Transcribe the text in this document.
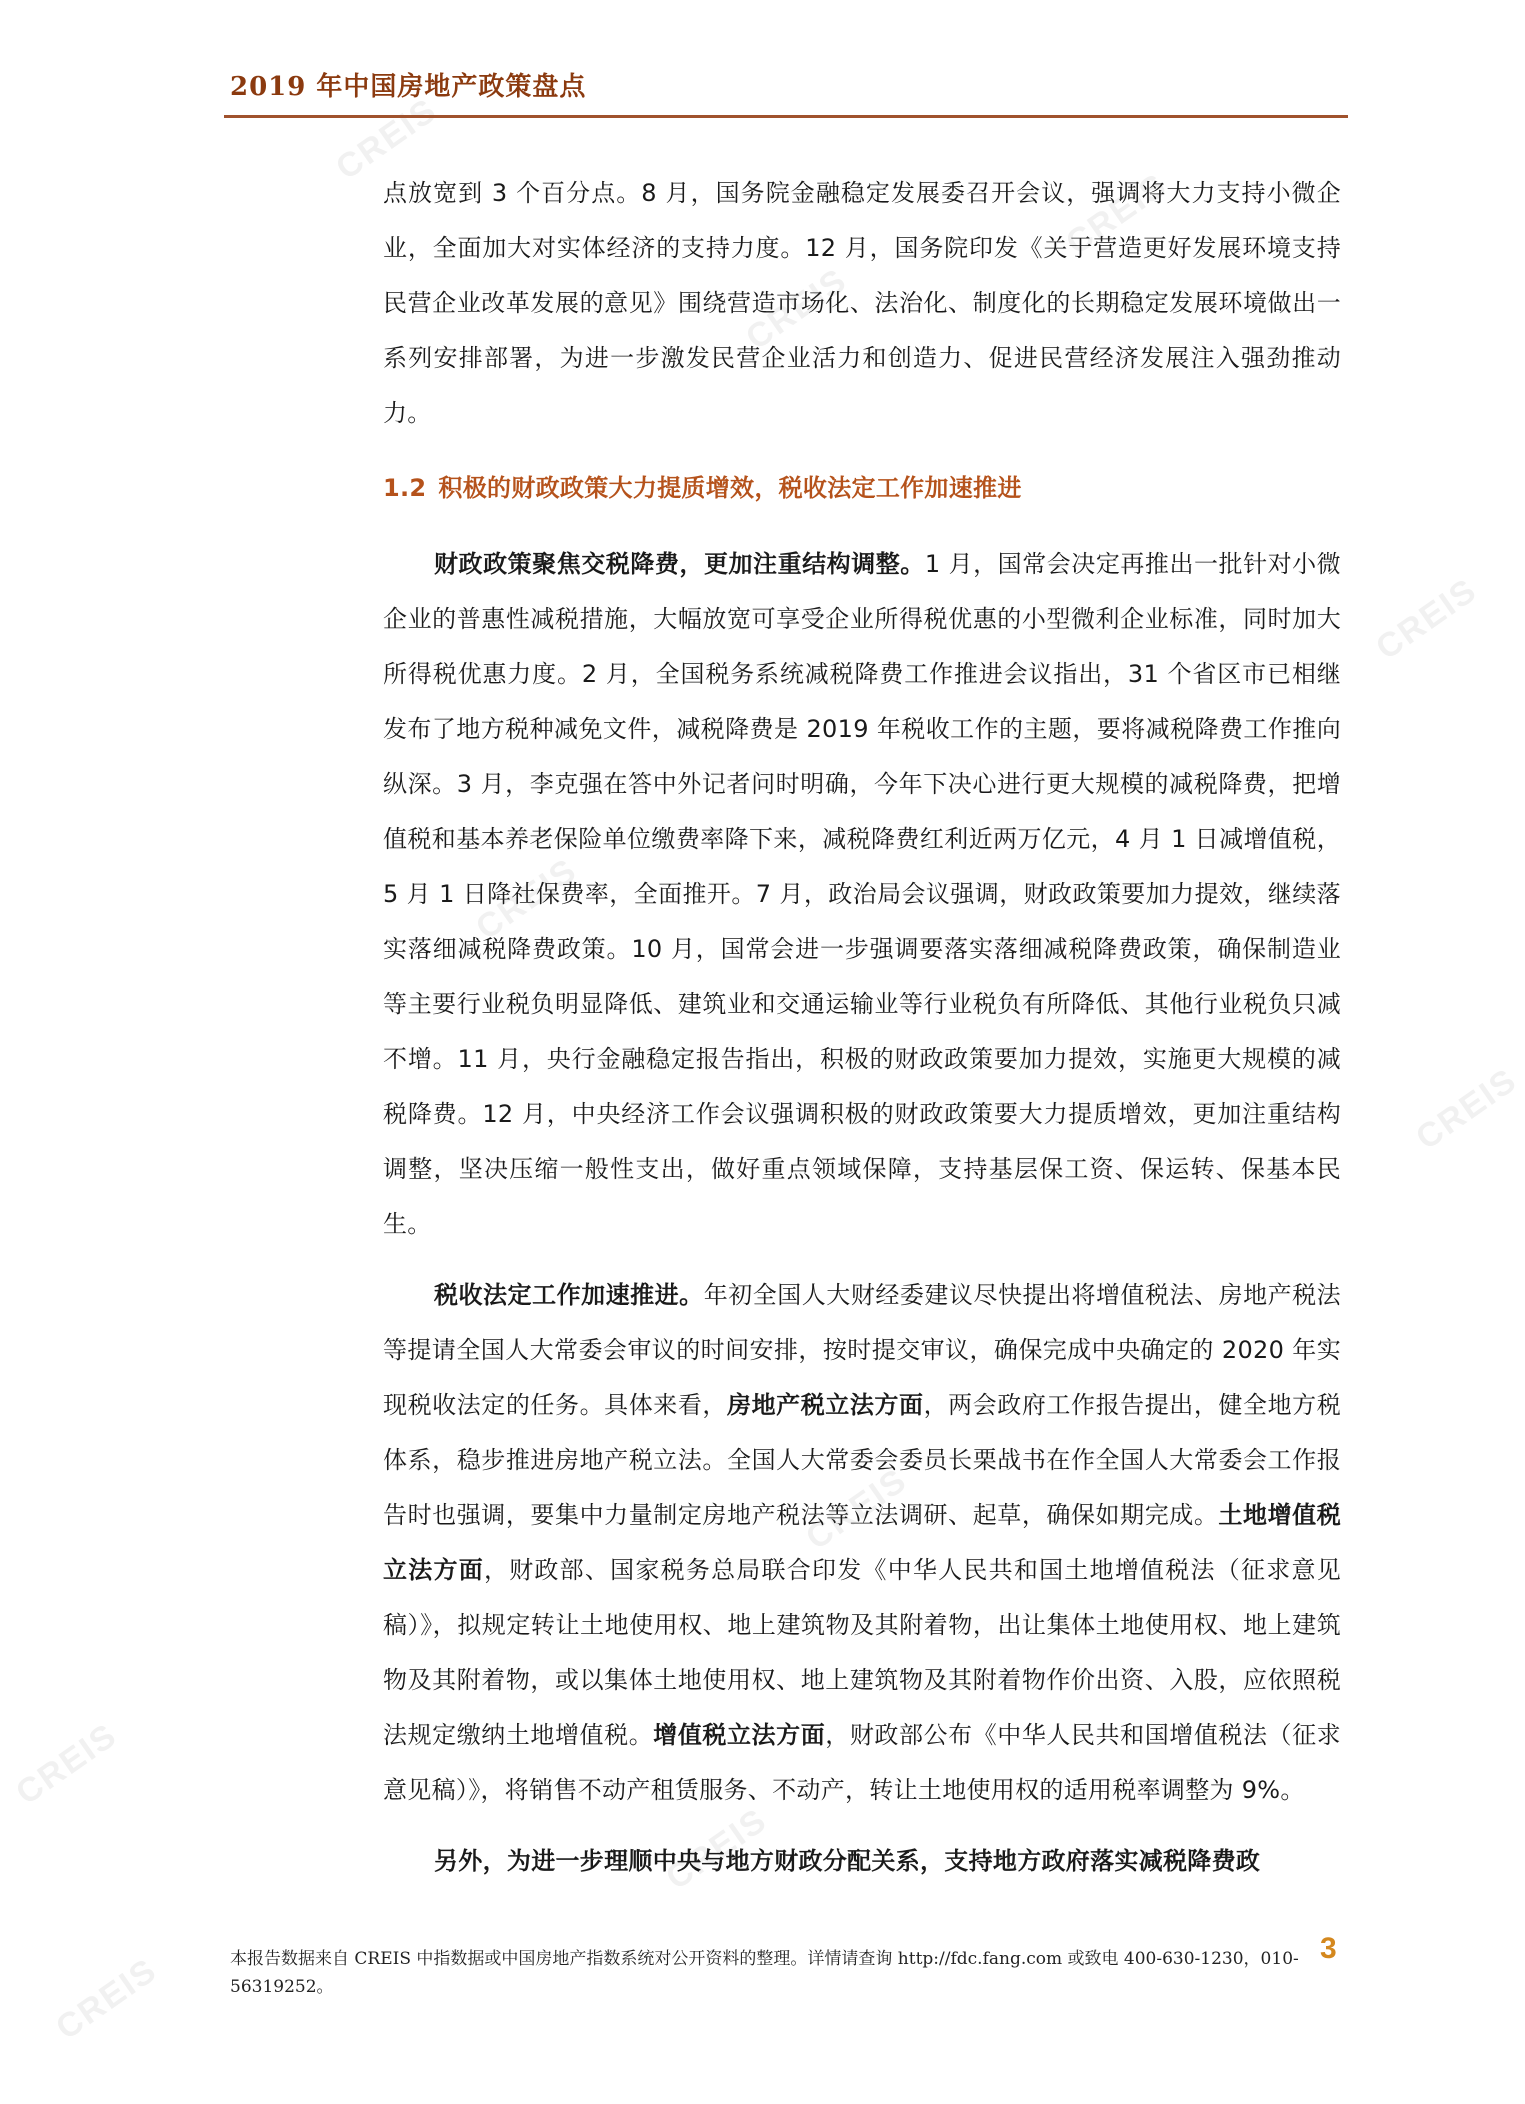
CREIS
CREIS
CREIS
CREIS
CREIS
CREIS
CREIS
CREIS
CREIS
CREIS
2019 年中国房地产政策盘点

点放宽到 3 个百分点。8 月，国务院金融稳定发展委召开会议，强调将大力支持小微企业，全面加大对实体经济的支持力度。12 月，国务院印发《关于营造更好发展环境支持民营企业改革发展的意见》围绕营造市场化、法治化、制度化的长期稳定发展环境做出一系列安排部署，为进一步激发民营企业活力和创造力、促进民营经济发展注入强劲推动力。

1.2 积极的财政政策大力提质增效，税收法定工作加速推进

财政政策聚焦交税降费，更加注重结构调整。1 月，国常会决定再推出一批针对小微企业的普惠性减税措施，大幅放宽可享受企业所得税优惠的小型微利企业标准，同时加大所得税优惠力度。2 月，全国税务系统减税降费工作推进会议指出，31 个省区市已相继发布了地方税种减免文件，减税降费是 2019 年税收工作的主题，要将减税降费工作推向纵深。3 月，李克强在答中外记者问时明确，今年下决心进行更大规模的减税降费，把增值税和基本养老保险单位缴费率降下来，减税降费红利近两万亿元，4 月 1 日减增值税，5 月 1 日降社保费率，全面推开。7 月，政治局会议强调，财政政策要加力提效，继续落实落细减税降费政策。10 月，国常会进一步强调要落实落细减税降费政策，确保制造业等主要行业税负明显降低、建筑业和交通运输业等行业税负有所降低、其他行业税负只减不增。11 月，央行金融稳定报告指出，积极的财政政策要加力提效，实施更大规模的减税降费。12 月，中央经济工作会议强调积极的财政政策要大力提质增效，更加注重结构调整，坚决压缩一般性支出，做好重点领域保障，支持基层保工资、保运转、保基本民生。

税收法定工作加速推进。年初全国人大财经委建议尽快提出将增值税法、房地产税法等提请全国人大常委会审议的时间安排，按时提交审议，确保完成中央确定的 2020 年实现税收法定的任务。具体来看，房地产税立法方面，两会政府工作报告提出，健全地方税体系，稳步推进房地产税立法。全国人大常委会委员长栗战书在作全国人大常委会工作报告时也强调，要集中力量制定房地产税法等立法调研、起草，确保如期完成。土地增值税立法方面，财政部、国家税务总局联合印发《中华人民共和国土地增值税法（征求意见稿）》，拟规定转让土地使用权、地上建筑物及其附着物，出让集体土地使用权、地上建筑物及其附着物，或以集体土地使用权、地上建筑物及其附着物作价出资、入股，应依照税法规定缴纳土地增值税。增值税立法方面，财政部公布《中华人民共和国增值税法（征求意见稿）》，将销售不动产租赁服务、不动产，转让土地使用权的适用税率调整为 9%。

另外，为进一步理顺中央与地方财政分配关系，支持地方政府落实减税降费政

本报告数据来自 CREIS 中指数据或中国房地产指数系统对公开资料的整理。详情请查询 http://fdc.fang.com 或致电 400-630-1230，010-56319252。
3
